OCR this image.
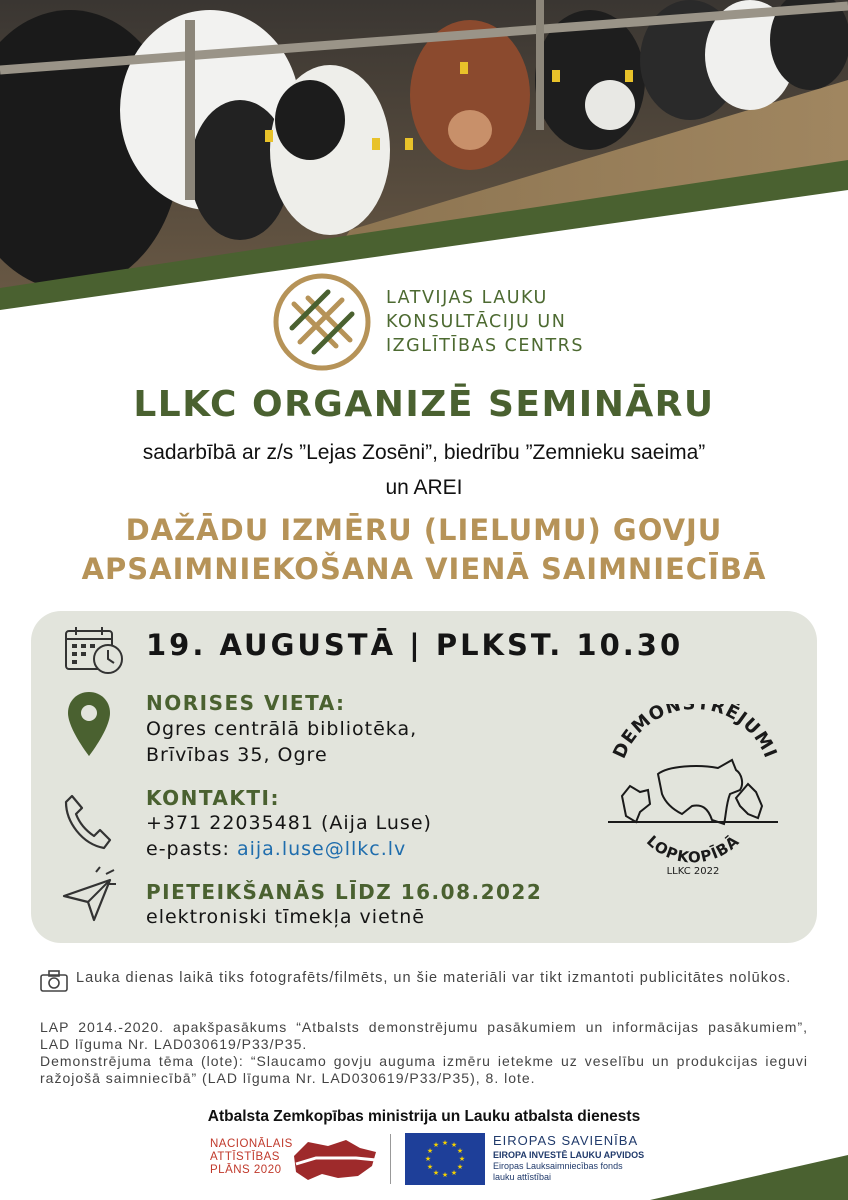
LATVIJAS LAUKU
KONSULTĀCIJU UN
IZGLĪTĪBAS CENTRS
LLKC ORGANIZĒ SEMINĀRU
sadarbībā ar z/s ”Lejas Zosēni”, biedrību ”Zemnieku saeima”
un AREI
DAŽĀDU IZMĒRU (LIELUMU) GOVJU
APSAIMNIEKOŠANA VIENĀ SAIMNIECĪBĀ
19. AUGUSTĀ | PLKST. 10.30
NORISES VIETA:
Ogres centrālā bibliotēka,
Brīvības 35, Ogre
KONTAKTI:
+371 22035481 (Aija Luse)
e-pasts: aija.luse@llkc.lv
PIETEIKŠANĀS LĪDZ 16.08.2022
elektroniski tīmekļa vietnē
DEMON RĒJUMI
LOPKOPĪBĀ
LLKC 2022
Lauka dienas laikā tiks fotografēts/filmēts, un šie materiāli var tikt izmantoti publicitātes nolūkos.

LAP 2014.-2020. apakšpasākums “Atbalsts demonstrējumu pasākumiem un informācijas pasākumiem”, LAD līguma Nr. LAD030619/P33/P35.

Demonstrējuma tēma (lote): “Slaucamo govju auguma izmēru ietekme uz veselību un produkcijas ieguvi ražojošā saimniecībā” (LAD līguma Nr. LAD030619/P33/P35), 8. lote.

Atbalsta Zemkopības ministrija un Lauku atbalsta dienests
NACIONĀLAIS
ATTĪSTĪBAS
PLĀNS 2020
★ ★
★
★
★
★
★
★
★
★
★
★	EIROPAS SAVIENĪBA
EIROPA INVESTĒ LAUKU APVIDOS
Eiropas Lauksaimniecības fonds
lauku attīstībai
